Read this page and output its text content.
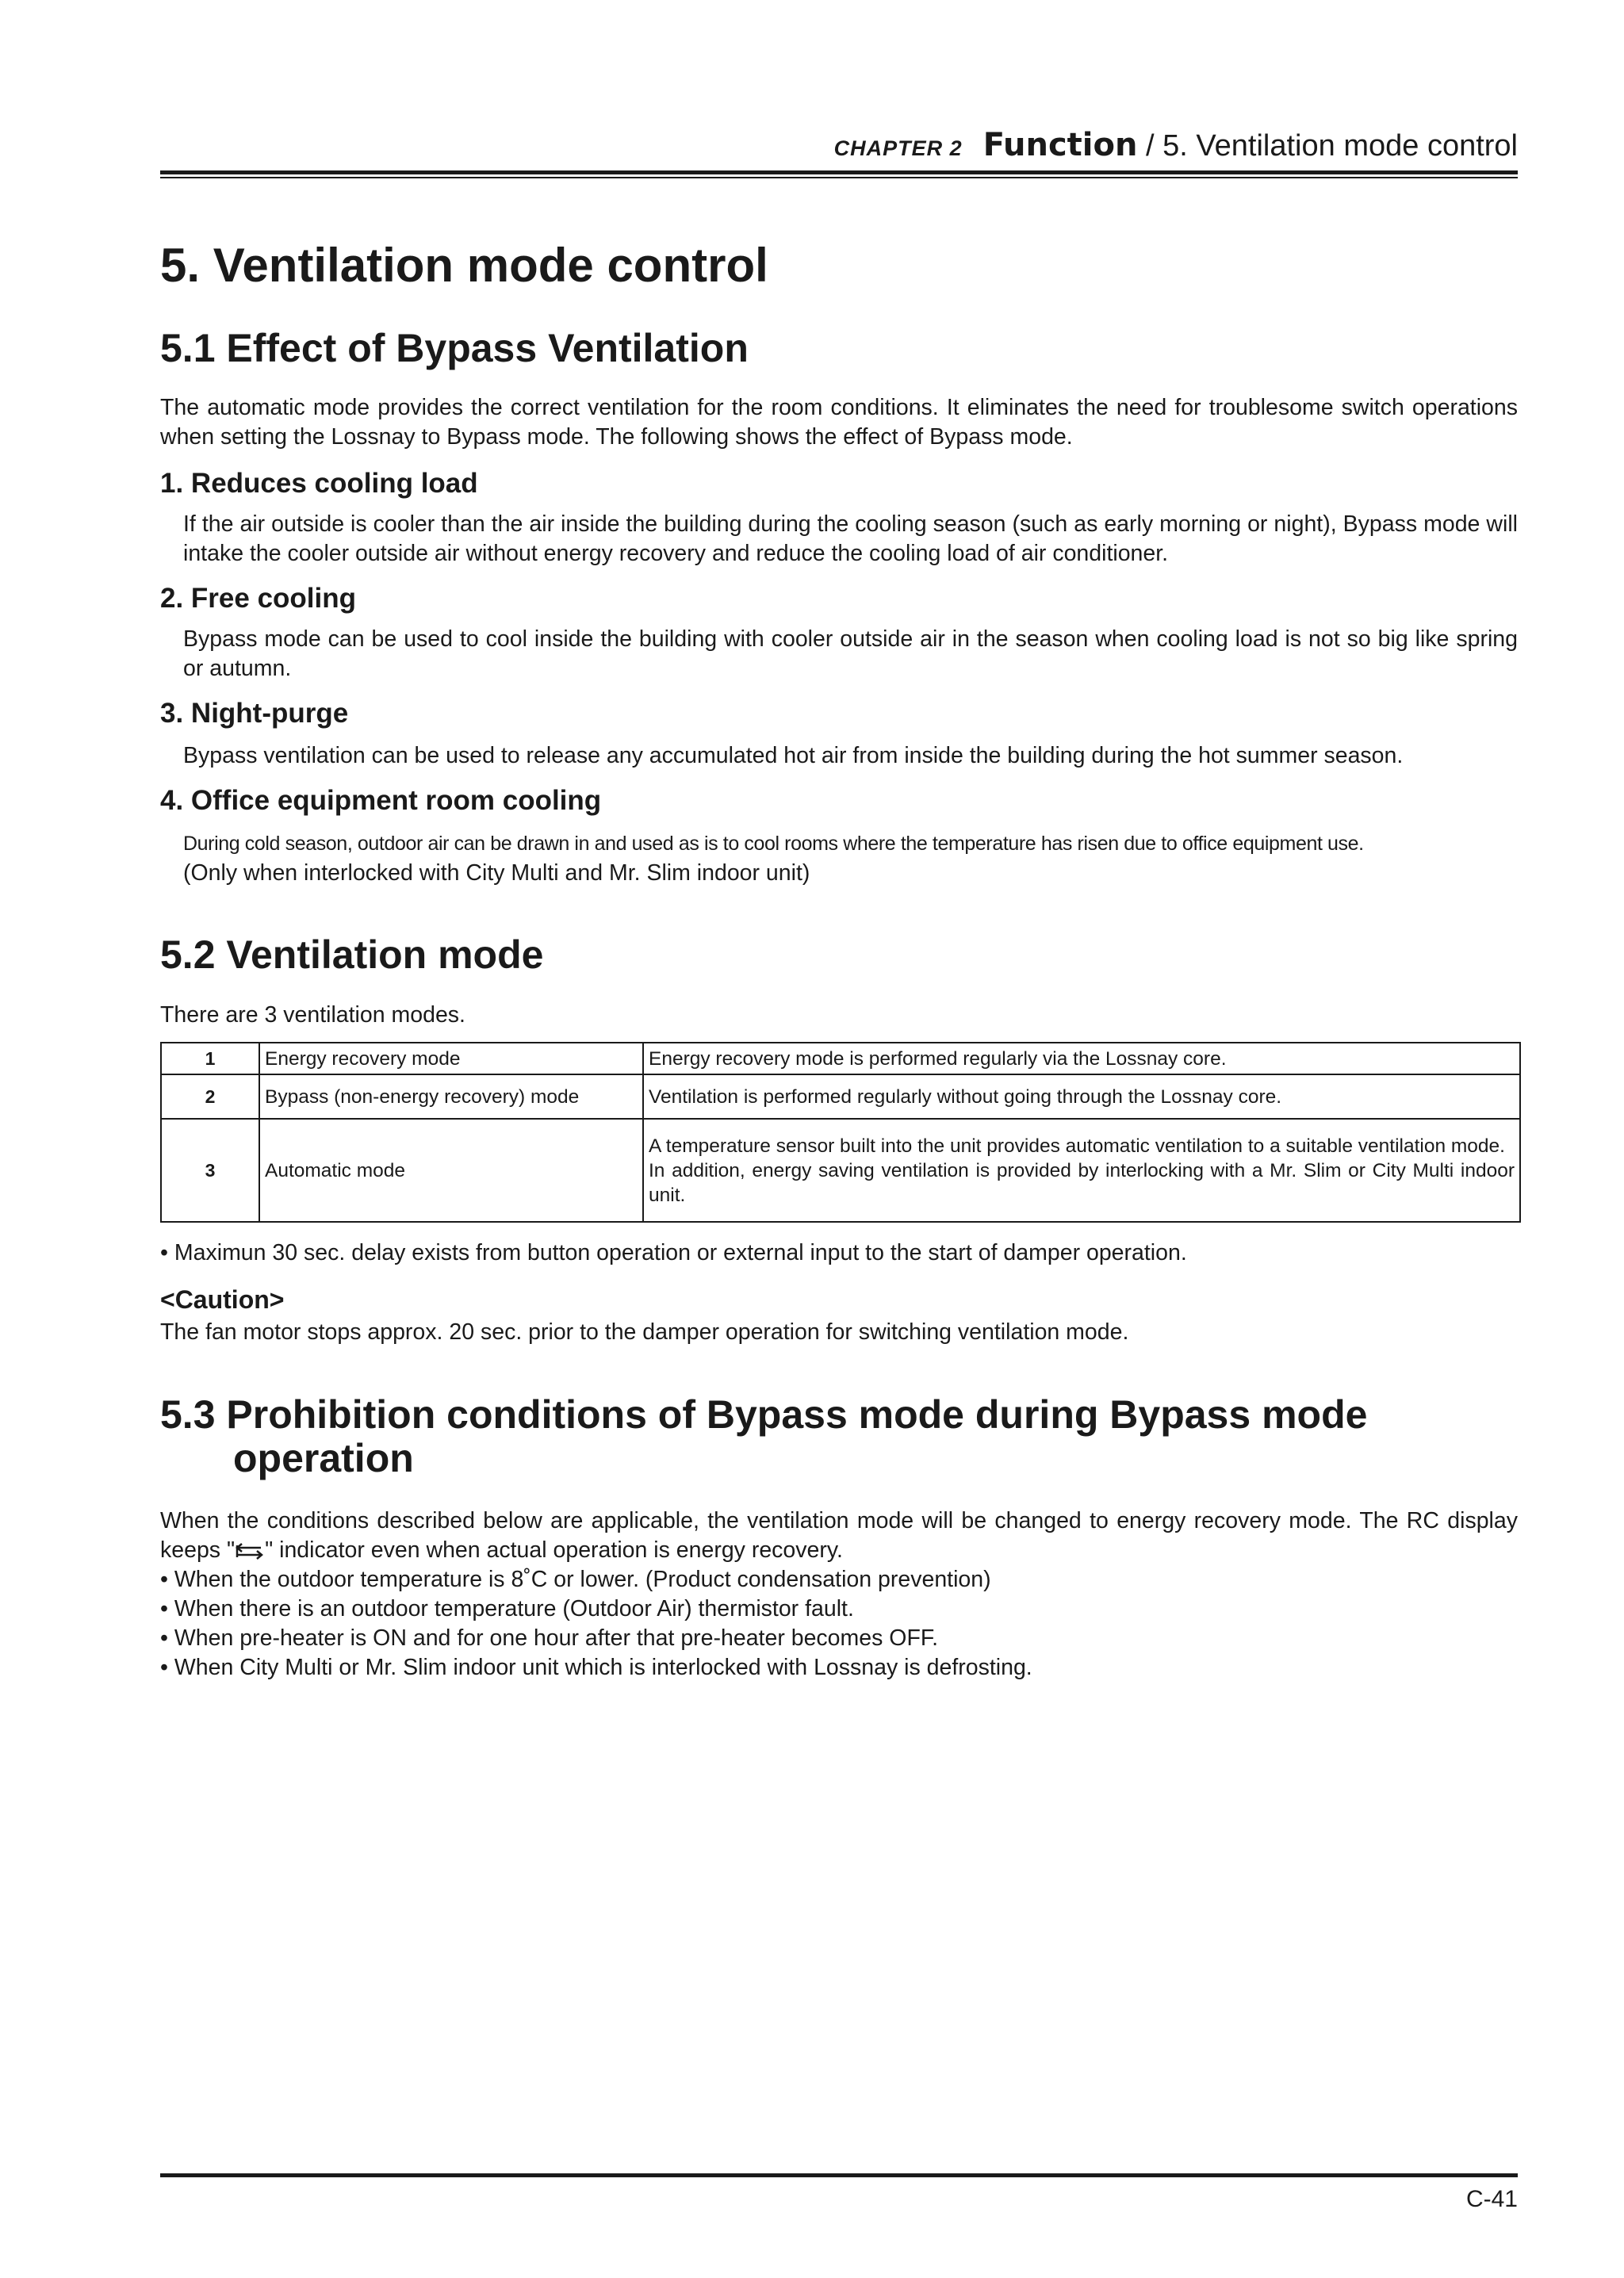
CHAPTER 2 Function / 5. Ventilation mode control
5. Ventilation mode control
5.1 Effect of Bypass Ventilation

The automatic mode provides the correct ventilation for the room conditions. It eliminates the need for troublesome switch operations when setting the Lossnay to Bypass mode. The following shows the effect of Bypass mode.

1. Reduces cooling load

If the air outside is cooler than the air inside the building during the cooling season (such as early morning or night), Bypass mode will intake the cooler outside air without energy recovery and reduce the cooling load of air conditioner.

2. Free cooling

Bypass mode can be used to cool inside the building with cooler outside air in the season when cooling load is not so big like spring or autumn.

3. Night-purge

Bypass ventilation can be used to release any accumulated hot air from inside the building during the hot summer season.

4. Office equipment room cooling

During cold season, outdoor air can be drawn in and used as is to cool rooms where the temperature has risen due to office equipment use.

(Only when interlocked with City Multi and Mr. Slim indoor unit)

5.2 Ventilation mode

There are 3 ventilation modes.

1	Energy recovery mode	Energy recovery mode is performed regularly via the Lossnay core.
2	Bypass (non-energy recovery) mode	Ventilation is performed regularly without going through the Lossnay core.
3	Automatic mode	A temperature sensor built into the unit provides automatic ventilation to a suitable ventilation mode.
In addition, energy saving ventilation is provided by interlocking with a Mr. Slim or City Multi indoor unit.

• Maximun 30 sec. delay exists from button operation or external input to the start of damper operation.

<Caution>

The fan motor stops approx. 20 sec. prior to the damper operation for switching ventilation mode.

5.3 Prohibition conditions of Bypass mode during Bypass mode
operation

When the conditions described below are applicable, the ventilation mode will be changed to energy recovery mode. The RC display keeps " " indicator even when actual operation is energy recovery.

• When the outdoor temperature is 8˚C or lower. (Product condensation prevention)

• When there is an outdoor temperature (Outdoor Air) thermistor fault.

• When pre-heater is ON and for one hour after that pre-heater becomes OFF.

• When City Multi or Mr. Slim indoor unit which is interlocked with Lossnay is defrosting.

C-41
